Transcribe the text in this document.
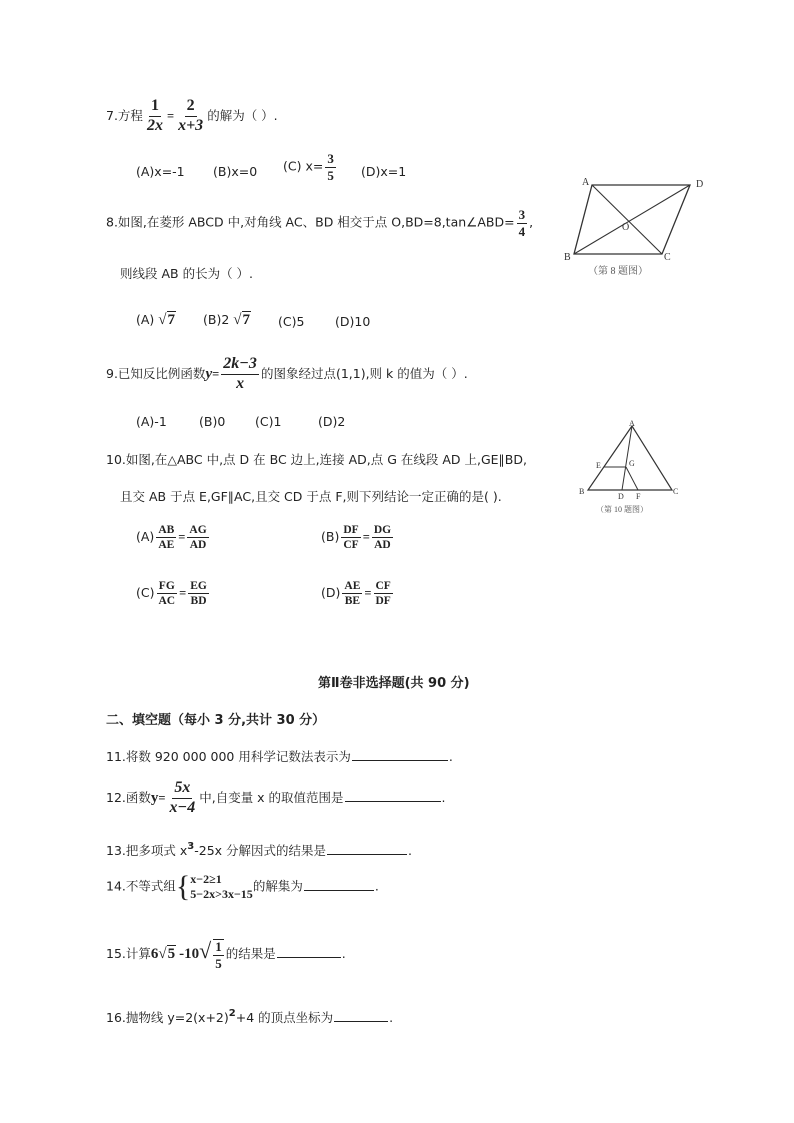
7.方程 $\frac{1}{2x} = \frac{2}{x+3}$ 的解为（ ）.
(A)x=-1 (B)x=0 (C) $x= \frac{3}{5} (D)x=1$
8.如图,在菱形 ABCD 中,对角线 AC、BD 相交于点 O,BD=8,tan∠ABD= $\frac{3}{4}$ ,
则线段 AB 的长为（ ）.
(A) √7 (B)2 √7 (C)5 (D)10
A
B	C
D
O
（第 8 题图）
9.已知反比例函数$y= \frac{2k-3}{x}$ 的图象经过点(1,1),则 k 的值为（ ）.
(A)-1	(B)0 (C)1	(D)2
10.如图,在△ABC 中,点 D 在 BC 边上,连接 AD,点 G 在线段 AD 上,GE∥BD,
且交 AB 于点 E,GF∥AC,且交 CD 于点 F,则下列结论一定正确的是( ).
A
B	C
D
E
F
G
（第 10 题图）
$(A) \frac{AB}{AE} = \frac{AG}{AD}$	$(B) \frac{DF}{CF} = \frac{DG}{AD}$
$(C) \frac{FG}{AC} = \frac{EG}{BD}$	$(D) \frac{AE}{BE} = \frac{CF}{DF}$
第Ⅱ卷非选择题(共 90 分)
二、填空题（每小 3 分,共计 30 分）
11.将数 920 000 000 用科学记数法表示为	.
12.函数$y= \frac{5x}{x-4}$ 中,自变量 x 的取值范围是	.
13.把多项式 $x^3-25x$ 分解因式的结果是	.
14.不等式组{ x−2≥1
5−2x>3x−15
的解集为	.
15.计算6√5 $-10√ \frac{1}{5}$ 的结果是	.
16.抛物线 $y=2(x+2)^2+4$ 的顶点坐标为	.
